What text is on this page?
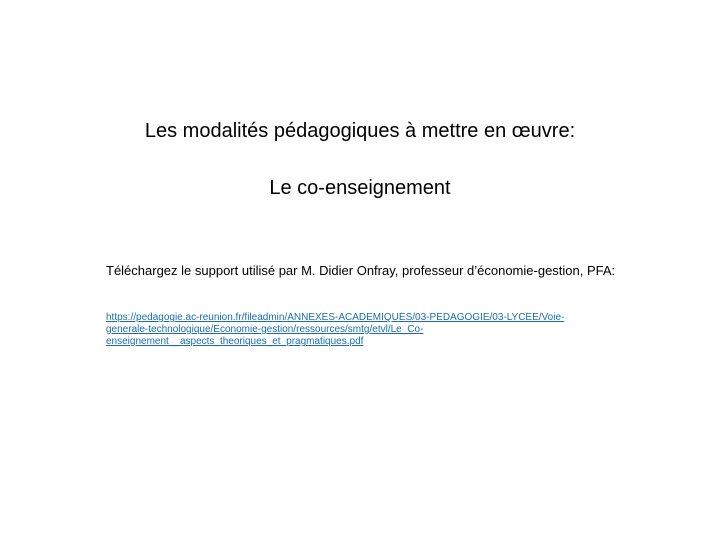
Les modalités pédagogiques à mettre en œuvre:
Le co-enseignement
Téléchargez le support utilisé par M. Didier Onfray, professeur d’économie-gestion, PFA:
https://pedagogie.ac-reunion.fr/fileadmin/ANNEXES-ACADEMIQUES/03-PEDAGOGIE/03-LYCEE/Voie-
generale-technologique/Economie-gestion/ressources/smtg/etvl/Le_Co-
enseignement__aspects_theoriques_et_pragmatiques.pdf
